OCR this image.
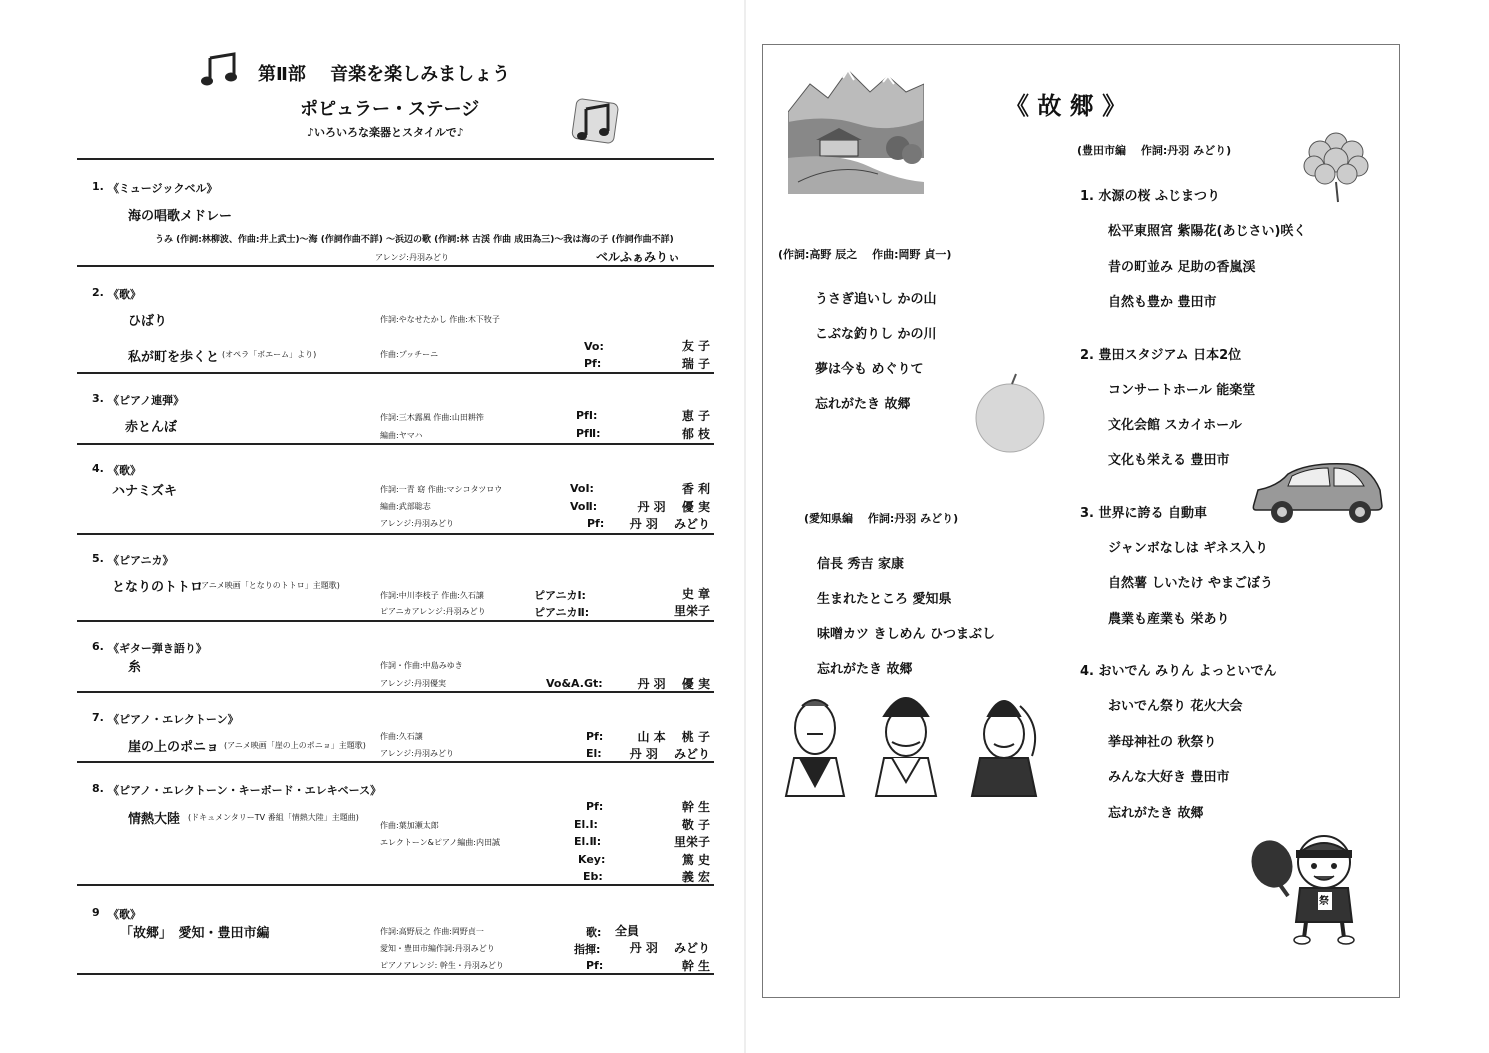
第Ⅱ部　 音楽を楽しみましょう
ポピュラー・ステージ
♪いろいろな楽器とスタイルで♪
1. 《ミュージックベル》
海の唱歌メドレー
うみ (作詞:林柳波、作曲:井上武士)〜海 (作詞作曲不詳) 〜浜辺の歌 (作詞:林 古渓 作曲 成田為三)〜我は海の子 (作詞作曲不詳)
アレンジ:丹羽みどり	ベルふぁみりぃ
2. 《歌》
ひばり	作詞:やなせたかし 作曲:木下牧子
私が町を歩くと (オペラ「ボエーム」より)	作曲:プッチーニ
Vo:	友 子
Pf:	瑞 子
3. 《ピアノ連弾》
赤とんぼ
作詞:三木露風 作曲:山田耕筰
編曲:ヤマハ
PfⅠ:	恵 子
PfⅡ:	郁 枝
4. 《歌》
ハナミズキ	作詞:一青 窈 作曲:マシコタツロウ
編曲:武部聡志
アレンジ:丹羽みどり
VoⅠ:	香 利
VoⅡ:	丹 羽 　優 実
Pf:	丹 羽 　みどり
5. 《ピアニカ》
となりのトトロ
(アニメ映画「となりのトトロ」主題歌)
作詞:中川李枝子 作曲:久石譲
ピアニカアレンジ:丹羽みどり
ピアニカⅠ:	史 章
ピアニカⅡ:	里栄子
6. 《ギター弾き語り》
糸	作詞・作曲:中島みゆき
アレンジ:丹羽優実	Vo&A.Gt:	丹 羽 　優 実
7. 《ピアノ・エレクトーン》
崖の上のポニョ (アニメ映画「崖の上のポニョ」主題歌)
作曲:久石譲
アレンジ:丹羽みどり
Pf:	山 本 　桃 子
El:	丹 羽 　みどり
8. 《ピアノ・エレクトーン・キーボード・エレキベース》
情熱大陸 (ドキュメンタリーTV 番組「情熱大陸」主題曲)
作曲:葉加瀬太郎
エレクトーン&ピアノ編曲:内田誠
Pf:	幹 生
El.Ⅰ:	敬 子
El.Ⅱ:	里栄子
Key:	篤 史
Eb:	義 宏
9 《歌》
「故郷」　愛知・豊田市編	作詞:高野辰之 作曲:岡野貞一
愛知・豊田市編作詞:丹羽みどり
ピアノアレンジ: 幹生・丹羽みどり
歌: 全員
指揮:	丹 羽 　みどり
Pf:	幹 生
《 故 郷 》
(作詞:高野 辰之　 作曲:岡野 貞一)
うさぎ追いし かの山
こぶな釣りし かの川
夢は今も めぐりて
忘れがたき 故郷
(愛知県編　 作詞:丹羽 みどり)
信長 秀吉 家康
生まれたところ 愛知県
味噌カツ きしめん ひつまぶし
忘れがたき 故郷
(豊田市編　 作詞:丹羽 みどり)
1. 水源の桜 ふじまつり
松平東照宮 紫陽花(あじさい)咲く
昔の町並み 足助の香嵐渓
自然も豊か 豊田市
2. 豊田スタジアム 日本2位
コンサートホール 能楽堂
文化会館 スカイホール
文化も栄える 豊田市
3. 世界に誇る 自動車
ジャンボなしは ギネス入り
自然薯 しいたけ やまごぼう
農業も産業も 栄あり
4. おいでん みりん よっといでん
おいでん祭り 花火大会
挙母神社の 秋祭り
みんな大好き 豊田市
忘れがたき 故郷
祭
